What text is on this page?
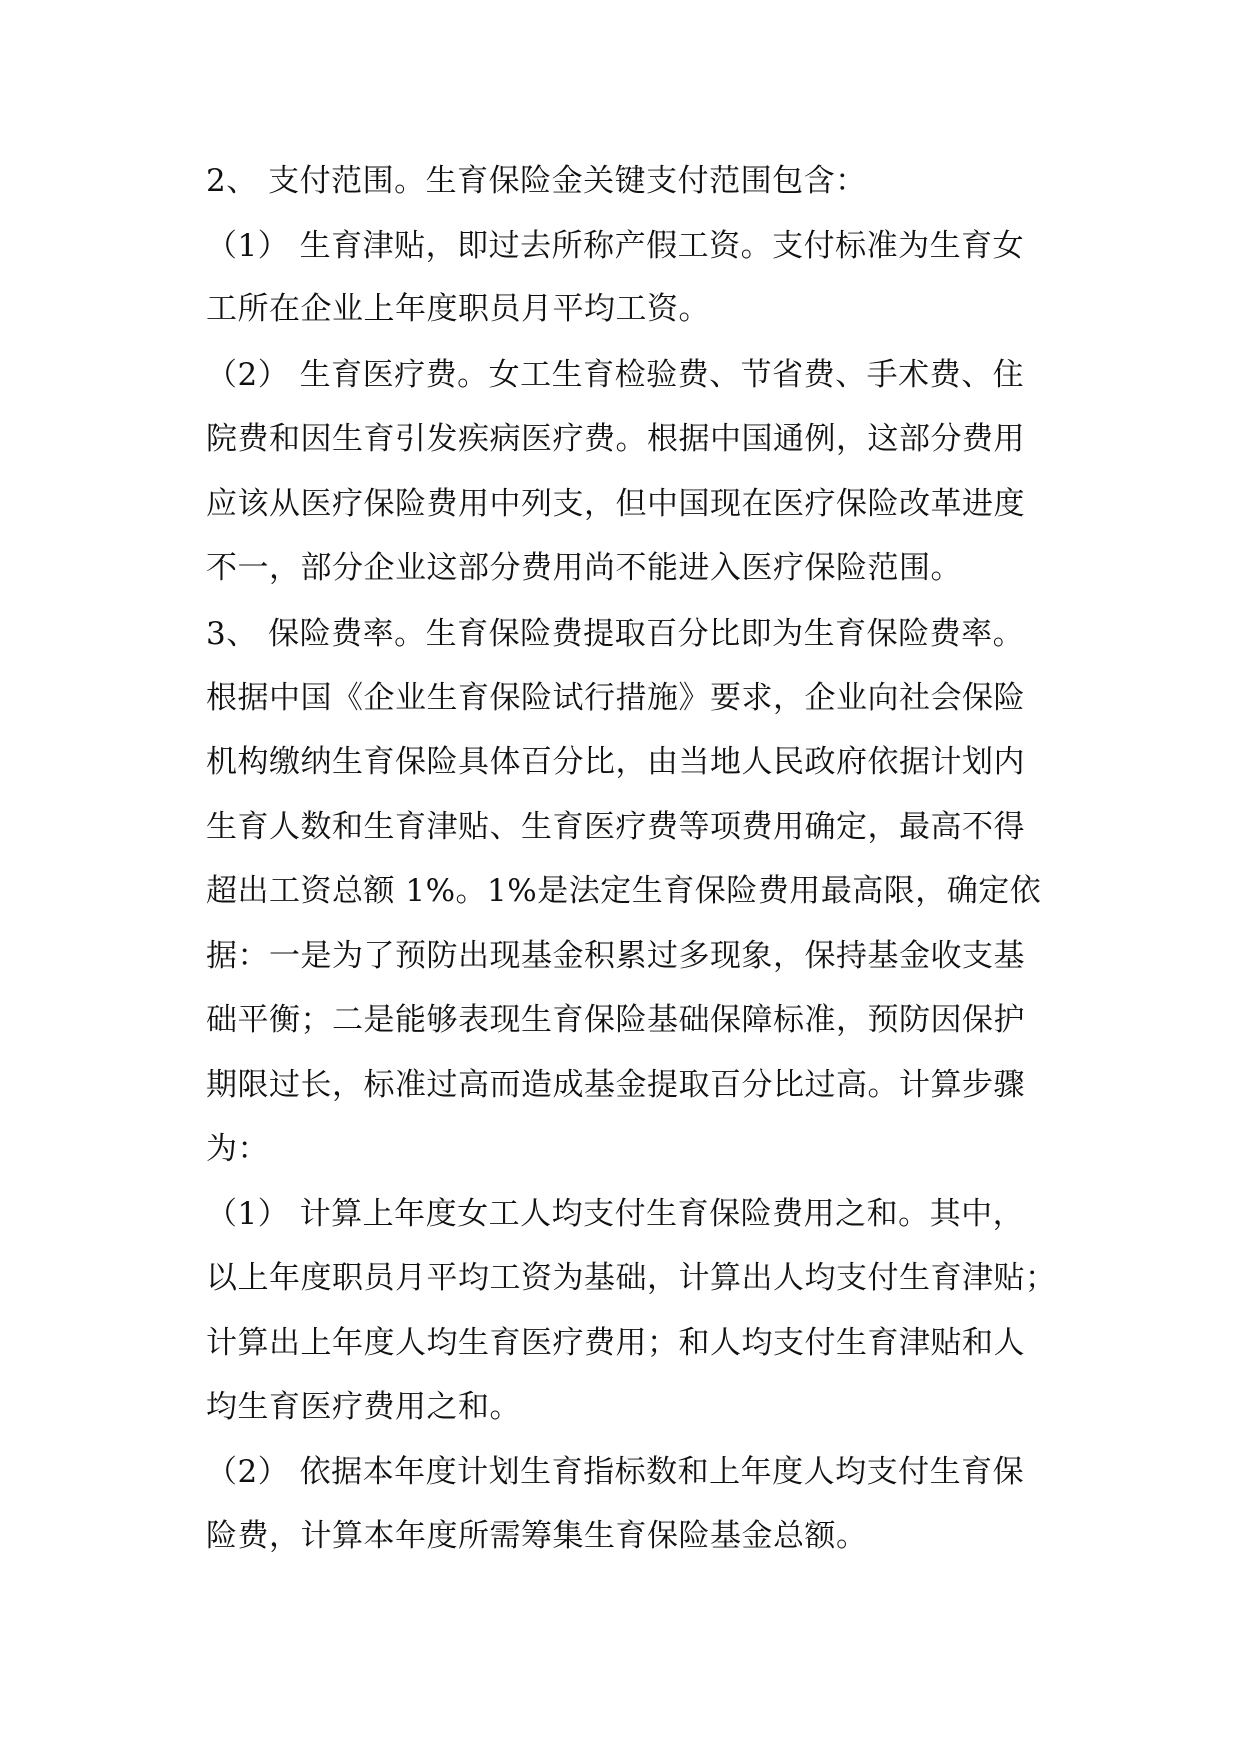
2、 支付范围。生育保险金关键支付范围包含：

（1） 生育津贴，即过去所称产假工资。支付标准为生育女

工所在企业上年度职员月平均工资。

（2） 生育医疗费。女工生育检验费、节省费、手术费、住

院费和因生育引发疾病医疗费。根据中国通例，这部分费用

应该从医疗保险费用中列支，但中国现在医疗保险改革进度

不一，部分企业这部分费用尚不能进入医疗保险范围。

3、 保险费率。生育保险费提取百分比即为生育保险费率。

根据中国《企业生育保险试行措施》要求，企业向社会保险

机构缴纳生育保险具体百分比，由当地人民政府依据计划内

生育人数和生育津贴、生育医疗费等项费用确定，最高不得

超出工资总额 1%。1%是法定生育保险费用最高限，确定依

据：一是为了预防出现基金积累过多现象，保持基金收支基

础平衡；二是能够表现生育保险基础保障标准，预防因保护

期限过长，标准过高而造成基金提取百分比过高。计算步骤

为：

（1） 计算上年度女工人均支付生育保险费用之和。其中，

以上年度职员月平均工资为基础，计算出人均支付生育津贴；

计算出上年度人均生育医疗费用；和人均支付生育津贴和人

均生育医疗费用之和。

（2） 依据本年度计划生育指标数和上年度人均支付生育保

险费，计算本年度所需筹集生育保险基金总额。
